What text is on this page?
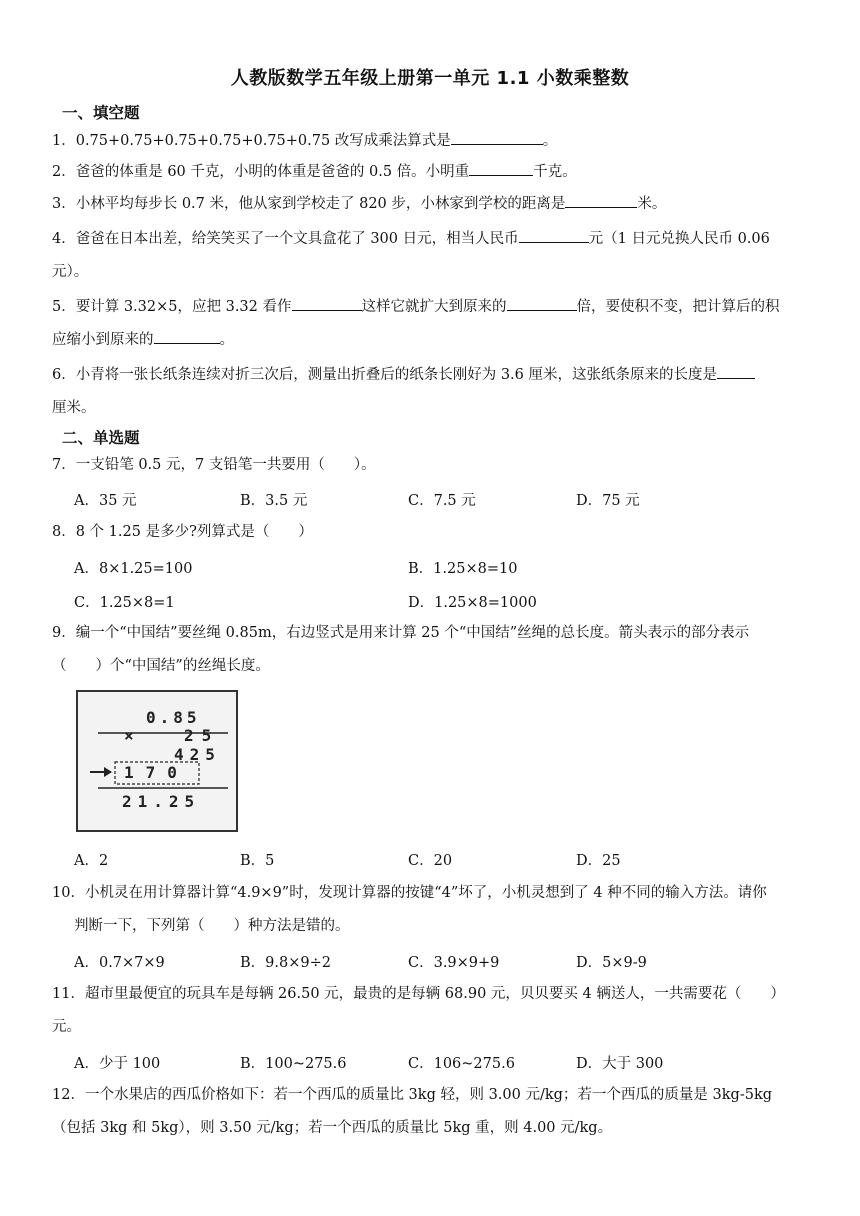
人教版数学五年级上册第一单元 1.1 小数乘整数
一、填空题
1．0.75+0.75+0.75+0.75+0.75+0.75 改写成乘法算式是	。
2．爸爸的体重是 60 千克，小明的体重是爸爸的 0.5 倍。小明重	千克。
3．小林平均每步长 0.7 米，他从家到学校走了 820 步，小林家到学校的距离是	米。
4．爸爸在日本出差，给笑笑买了一个文具盒花了 300 日元，相当人民币	元（1 日元兑换人民币 0.06
元）。
5．要计算 3.32×5，应把 3.32 看作	这样它就扩大到原来的	倍，要使积不变，把计算后的积
应缩小到原来的	。
6．小青将一张长纸条连续对折三次后，测量出折叠后的纸条长刚好为 3.6 厘米，这张纸条原来的长度是
厘米。
二、单选题
7．一支铅笔 0.5 元，7 支铅笔一共要用（　　）。
A．35 元	B．3.5 元	C．7.5 元	D．75 元
8．8 个 1.25 是多少?列算式是（　　）
A．8×1.25=100	B．1.25×8=10
C．1.25×8=1	D．1.25×8=1000
9．编一个“中国结”要丝绳 0.85m，右边竖式是用来计算 25 个“中国结”丝绳的总长度。箭头表示的部分表示
（　　）个“中国结”的丝绳长度。
0.85
×	25
425
170
21.25
A．2	B．5	C．20	D．25
10．小机灵在用计算器计算“4.9×9”时，发现计算器的按键“4”坏了，小机灵想到了 4 种不同的输入方法。请你
判断一下，下列第（　　）种方法是错的。
A．0.7×7×9	B．9.8×9÷2	C．3.9×9+9	D．5×9-9
11．超市里最便宜的玩具车是每辆 26.50 元，最贵的是每辆 68.90 元，贝贝要买 4 辆送人，一共需要花（　　）
元。
A．少于 100	B．100~275.6	C．106~275.6	D．大于 300
12．一个水果店的西瓜价格如下：若一个西瓜的质量比 3kg 轻，则 3.00 元/kg；若一个西瓜的质量是 3kg-5kg
（包括 3kg 和 5kg），则 3.50 元/kg；若一个西瓜的质量比 5kg 重，则 4.00 元/kg。
